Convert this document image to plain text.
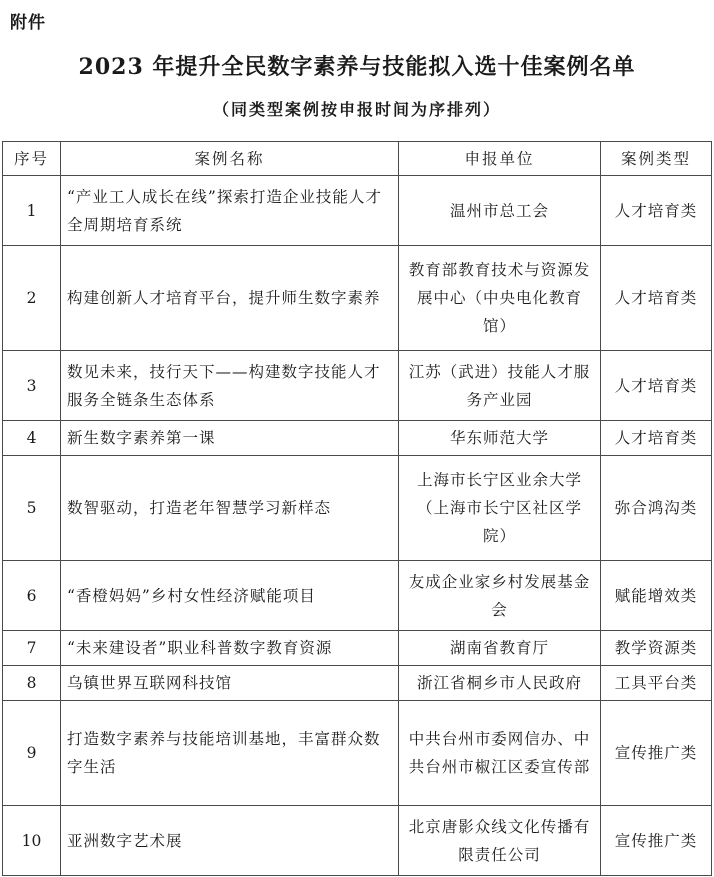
附件
2023 年提升全民数字素养与技能拟入选十佳案例名单
（同类型案例按申报时间为序排列）
序号	案例名称	申报单位	案例类型
1	“产业工人成长在线”探索打造企业技能人才全周期培育系统	温州市总工会	人才培育类
2	构建创新人才培育平台，提升师生数字素养	教育部教育技术与资源发展中心（中央电化教育馆）	人才培育类
3	数见未来，技行天下——构建数字技能人才服务全链条生态体系	江苏（武进）技能人才服务产业园	人才培育类
4	新生数字素养第一课	华东师范大学	人才培育类
5	数智驱动，打造老年智慧学习新样态	上海市长宁区业余大学（上海市长宁区社区学院）	弥合鸿沟类
6	“香橙妈妈”乡村女性经济赋能项目	友成企业家乡村发展基金会	赋能增效类
7	“未来建设者”职业科普数字教育资源	湖南省教育厅	教学资源类
8	乌镇世界互联网科技馆	浙江省桐乡市人民政府	工具平台类
9	打造数字素养与技能培训基地，丰富群众数字生活	中共台州市委网信办、中共台州市椒江区委宣传部	宣传推广类
10	亚洲数字艺术展	北京唐影众线文化传播有限责任公司	宣传推广类
